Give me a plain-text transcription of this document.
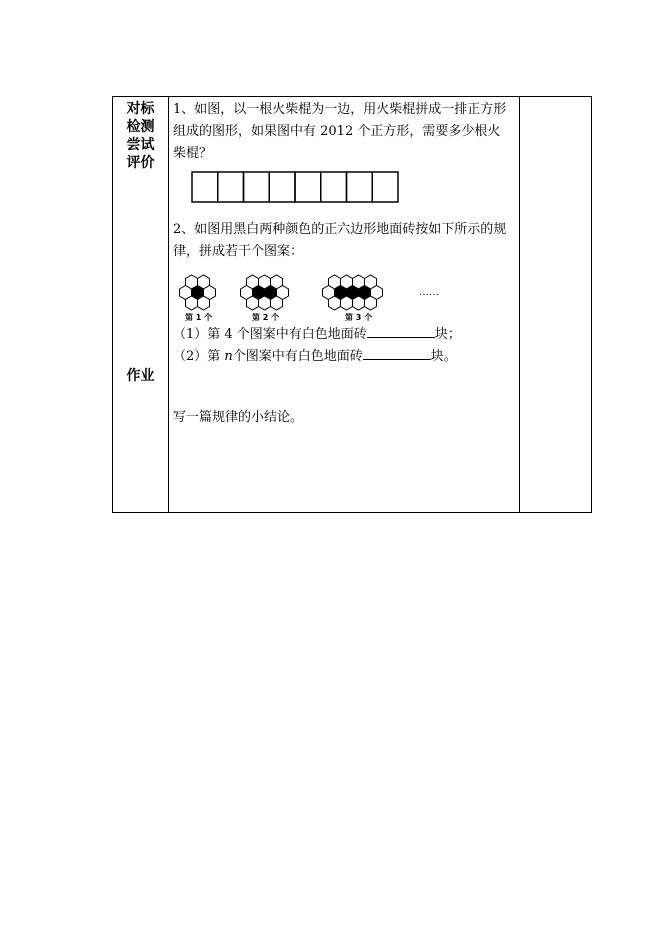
对标
检测
尝试
评价
作业
1、如图，以一根火柴棍为一边，用火柴棍拼成一排正方形组成的图形，如果图中有 2012 个正方形，需要多少根火柴棍？
2、如图用黑白两种颜色的正六边形地面砖按如下所示的规律，拼成若干个图案：
第 1 个	第 2 个	第 3 个
……
（1）第 4 个图案中有白色地面砖	块；
（2）第 n个图案中有白色地面砖	块。
写一篇规律的小结论。
